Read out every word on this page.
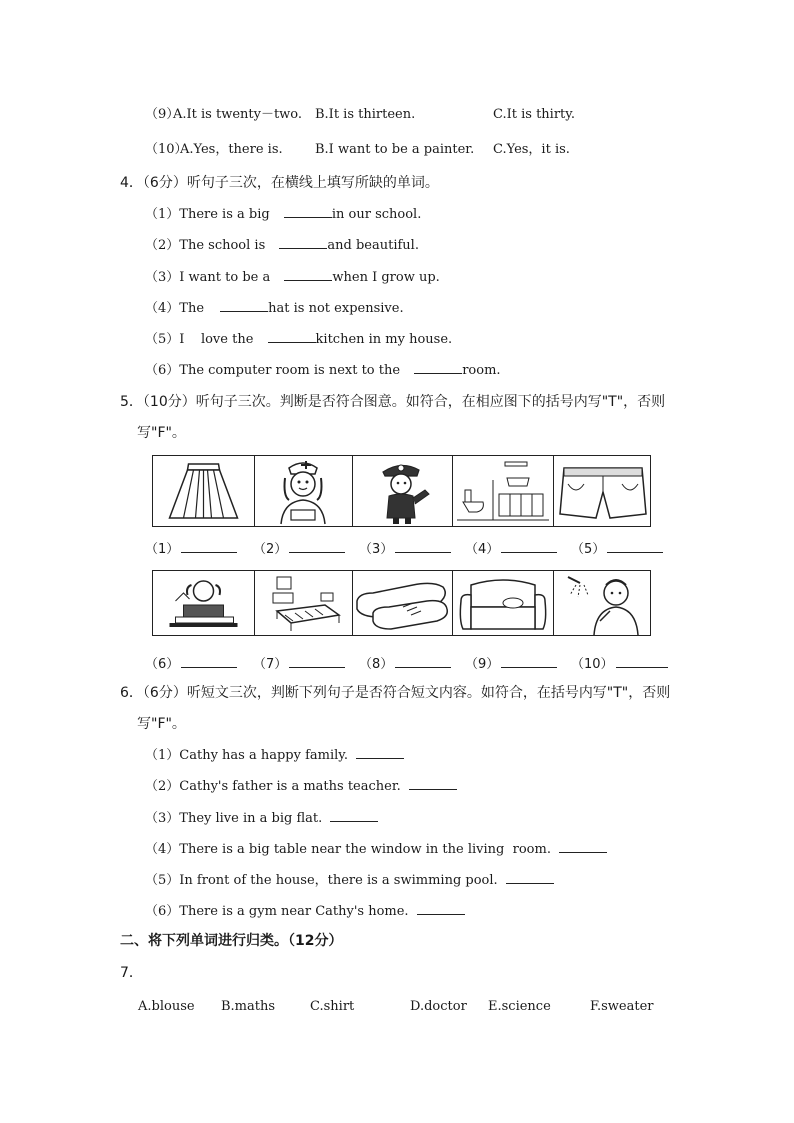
（9）
A.It is twenty－two. B.It is thirteen.	C.It is thirty.
（10）
A.Yes，there is. B.I want to be a painter. C.Yes，it is.
4．（6分）听句子三次，在横线上填写所缺的单词。
（1）There is a big	in our school.
（2）The school is	and beautiful.
（3）I want to be a	when I grow up.
（4）The	hat is not expensive.
（5）I    love the	kitchen in my house.
（6）The computer room is next to the	room.
5．（10分）听句子三次。判断是否符合图意。如符合，在相应图下的括号内写"T"，否则
写"F"。
（1）	（2）	（3）	（4）	（5）
（6）	（7）	（8）	（9）	（10）
6．（6分）听短文三次，判断下列句子是否符合短文内容。如符合，在括号内写"T"，否则
写"F"。
（1）Cathy has a happy family.
（2）Cathy's father is a maths teacher.
（3）They live in a big flat.
（4）There is a big table near the window in the living  room.
（5）In front of the house，there is a swimming pool.
（6）There is a gym near Cathy's home.
二、将下列单词进行归类。（12分）
7．
A.blouse B.maths	C.shirt	D.doctor E.science	F.sweater
